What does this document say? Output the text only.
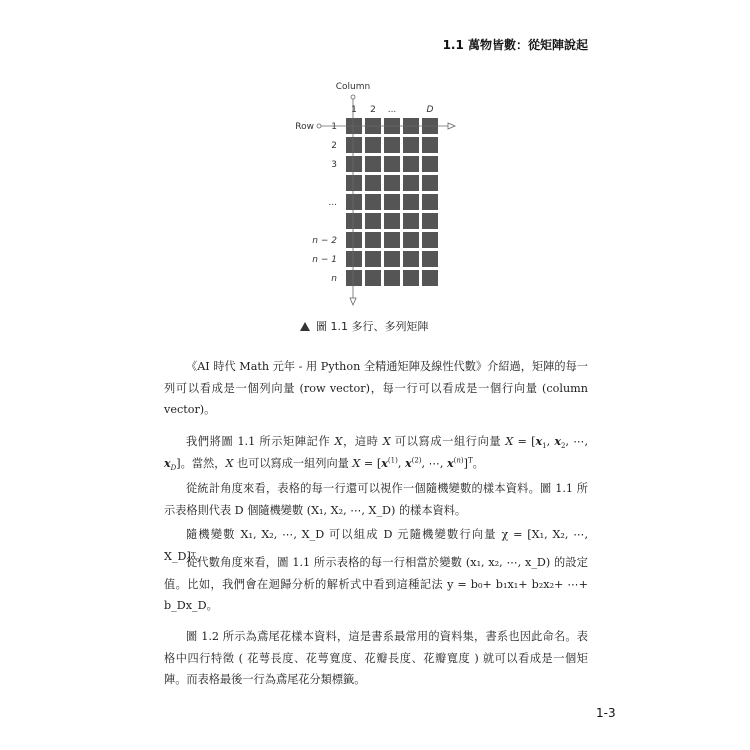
1.1 萬物皆數：從矩陣說起
Column
Row
1 2 ...	D
1
2
3
...
n − 2
n − 1
n
圖 1.1 多行、多列矩陣

《AI 時代 Math 元年 - 用 Python 全精通矩陣及線性代數》介紹過，矩陣的每一列可以看成是一個列向量 (row vector)，每一行可以看成是一個行向量 (column vector)。

我們將圖 1.1 所示矩陣記作 X，這時 X 可以寫成一組行向量 $X = [x_1$, $x_2$, ⋯, $x_D$]。當然，X 也可以寫成一組列向量 $X = [x^{(1)}$, $x^{(2)}$, ⋯, $x^{(n)}]^T$。

從統計角度來看，表格的每一行還可以視作一個隨機變數的樣本資料。圖 1.1 所示表格則代表 D 個隨機變數 (X₁, X₂, ⋯, X_D) 的樣本資料。

隨機變數 X₁, X₂, ⋯, X_D 可以組成 D 元隨機變數行向量 χ = [X₁, X₂, ⋯, X_D]ᵀ。

從代數角度來看，圖 1.1 所示表格的每一行相當於變數 (x₁, x₂, ⋯, x_D) 的設定值。比如，我們會在迴歸分析的解析式中看到這種記法 y = b₀+ b₁x₁+ b₂x₂+ ⋯+ b_Dx_D。

圖 1.2 所示為鳶尾花樣本資料，這是書系最常用的資料集，書系也因此命名。表格中四行特徵 ( 花萼長度、花萼寬度、花瓣長度、花瓣寬度 ) 就可以看成是一個矩陣。而表格最後一行為鳶尾花分類標籤。

1-3
